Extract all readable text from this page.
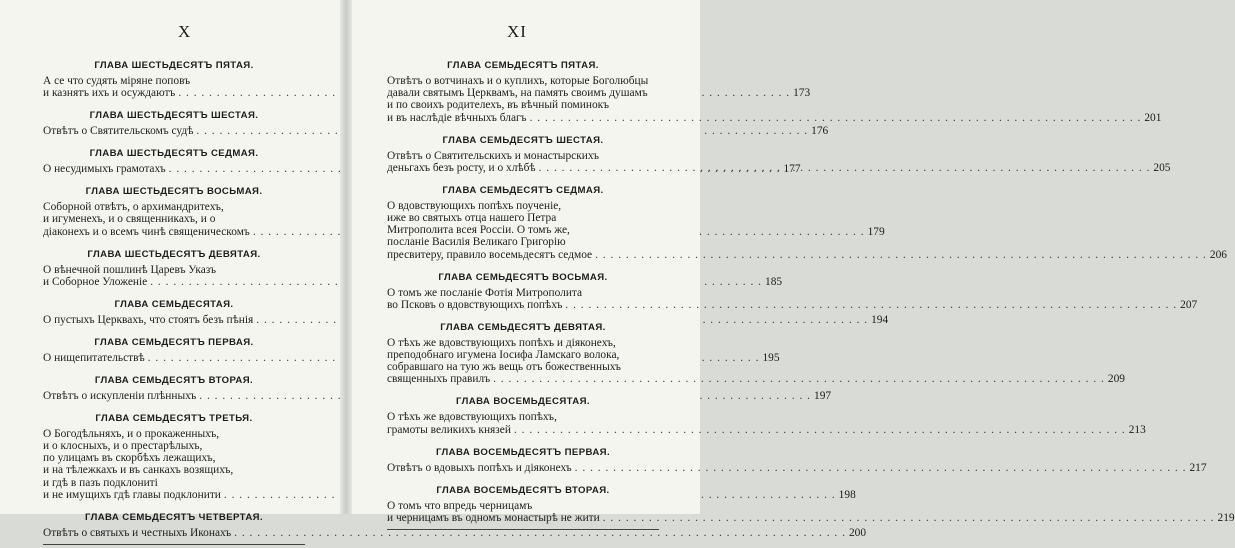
X
ГЛАВА ШЕСТЬДЕСЯТЪ ПЯТАЯ.
А се что судять міряне поповъ
и казнятъ ихъ и осуждаютъ . . .	173
ГЛАВА ШЕСТЬДЕСЯТЪ ШЕСТАЯ.
Отвѣтъ о Святительскомъ судѣ . . .	176
ГЛАВА ШЕСТЬДЕСЯТЪ СЕДМАЯ.
О несудимыхъ грамотахъ . . .	177
ГЛАВА ШЕСТЬДЕСЯТЪ ВОСЬМАЯ.
Соборной отвѣтъ, о архимандритехъ,
и игуменехъ, и о священникахъ, и о
діаконехъ и о всемъ чинѣ священическомъ . . .	179
ГЛАВА ШЕСТЬДЕСЯТЪ ДЕВЯТАЯ.
О вѣнечной пошлинѣ Царевъ Указъ
и Соборное Уложеніе . . .	185
ГЛАВА СЕМЬДЕСЯТАЯ.
О пустыхъ Церквахъ, что стоятъ безъ пѣнія . . .	194
ГЛАВА СЕМЬДЕСЯТЪ ПЕРВАЯ.
О нищепитательствѣ . . .	195
ГЛАВА СЕМЬДЕСЯТЪ ВТОРАЯ.
Отвѣтъ о искупленіи плѣнныхъ . . .	197
ГЛАВА СЕМЬДЕСЯТЪ ТРЕТЬЯ.
О Богодѣльняхъ, и о прокаженныхъ,
и о клосныхъ, и о престарѣлыхъ,
по улицамъ въ скорбѣхъ лежащихъ,
и на тѣлежкахъ и въ санкахъ возящихъ,
и гдѣ в пазъ подклониті
и не имущихъ гдѣ главы подклонити . . .	198
ГЛАВА СЕМЬДЕСЯТЪ ЧЕТВЕРТАЯ.
Отвѣтъ о святыхъ и честныхъ Иконахъ . . .	200
XI
ГЛАВА СЕМЬДЕСЯТЪ ПЯТАЯ.
Отвѣтъ о вотчинахъ и о куплихъ, которые Боголюбцы
давали святымъ Церквамъ, на память своимъ душамъ
и по своихъ родителехъ, въ вѣчный поминокъ
и въ наслѣдіе вѣчныхъ благъ . . .	201
ГЛАВА СЕМЬДЕСЯТЪ ШЕСТАЯ.
Отвѣтъ о Святительскихъ и монастырскихъ
деньгахъ безъ росту, и о хлѣбѣ . . .	205
ГЛАВА СЕМЬДЕСЯТЪ СЕДМАЯ.
О вдовствующихъ попѣхъ поученіе,
иже во святыхъ отца нашего Петра
Митрополита всея Россіи. О томъ же,
посланіе Василія Великаго Григорію
пресвитеру, правило восемьдесятъ седмое . . .	206
ГЛАВА СЕМЬДЕСЯТЪ ВОСЬМАЯ.
О томъ же посланіе Фотія Митрополита
во Псковъ о вдовствующихъ попѣхъ . . .	207
ГЛАВА СЕМЬДЕСЯТЪ ДЕВЯТАЯ.
О тѣхъ же вдовствующихъ попѣхъ и діяконехъ,
преподобнаго игумена Іосифа Ламскаго волока,
собравшаго на тую жъ вещь отъ божественныхъ
священныхъ правилъ . . .	209
ГЛАВА ВОСЕМЬДЕСЯТАЯ.
О тѣхъ же вдовствующихъ попѣхъ,
грамоты великихъ князей . . .	213
ГЛАВА ВОСЕМЬДЕСЯТЪ ПЕРВАЯ.
Отвѣтъ о вдовыхъ попѣхъ и діяконехъ . . .	217
ГЛАВА ВОСЕМЬДЕСЯТЪ ВТОРАЯ.
О томъ что впредь черницамъ
и черницамъ въ одномъ монастырѣ не жити . . .	219
